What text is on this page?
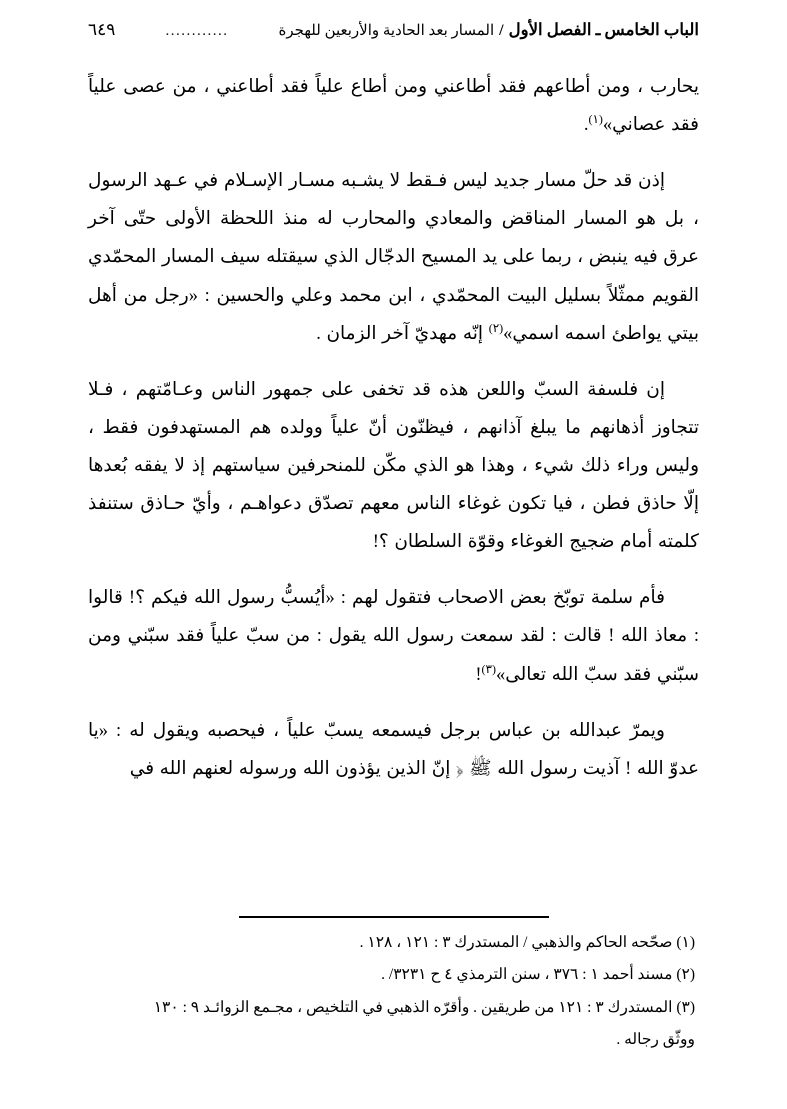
الباب الخامس ـ الفصل الأول
/
المسار بعد الحادية والأربعين للهجرة
............
٦٤٩

يحارب ، ومن أطاعهم فقد أطاعني ومن أطاع علياً فقد أطاعني ، من عصى علياً فقد عصاني»$^{(١)}$.

إذن قد حلّ مسار جديد ليس فـقط لا يشـبه مسـار الإسـلام في عـهد الرسول ، بل هو المسار المناقض والمعادي والمحارب له منذ اللحظة الأولى حتّى آخر عرق فيه ينبض ، ربما على يد المسيح الدجّال الذي سيقتله سيف المسار المحمّدي القويم ممثّلاً بسليل البيت المحمّدي ، ابن محمد وعلي والحسين : «رجل من أهل بيتي يواطئ اسمه اسمي»$^{(٢)}$ إنّه مهديّ آخر الزمان .

إن فلسفة السبّ واللعن هذه قد تخفى على جمهور الناس وعـامّتهم ، فـلا تتجاوز أذهانهم ما يبلغ آذانهم ، فيظنّون أنّ علياً وولده هم المستهدفون فقط ، وليس وراء ذلك شيء ، وهذا هو الذي مكّن للمنحرفين سياستهم إذ لا يفقه بُعدها إلّا حاذق فطن ، فيا تكون غوغاء الناس معهم تصدّق دعواهـم ، وأيّ حـاذق ستنفذ كلمته أمام ضجيج الغوغاء وقوّة السلطان ؟!

فأم سلمة توبّخ بعض الاصحاب فتقول لهم : «أيُسبُّ رسول الله فيكم ؟! قالوا : معاذ الله ! قالت : لقد سمعت رسول الله يقول : من سبّ علياً فقد سبّني ومن سبّني فقد سبّ الله تعالى»$^{(٣)}$!

ويمرّ عبدالله بن عباس برجل فيسمعه يسبّ علياً ، فيحصبه ويقول له : «يا عدوّ الله ! آذيت رسول الله ﷺ ﴿ إنّ الذين يؤذون الله ورسوله لعنهم الله في

(١) صحّحه الحاكم والذهبي / المستدرك ٣ : ١٢١ ، ١٢٨ .

(٢) مسند أحمد ١ : ٣٧٦ ، سنن الترمذي ٤ ح ٣٢٣١/ .

(٣) المستدرك ٣ : ١٢١ من طريقين . وأقرّه الذهبي في التلخيص ، مجـمع الزوائـد ٩ : ١٣٠

ووثّق رجاله .
